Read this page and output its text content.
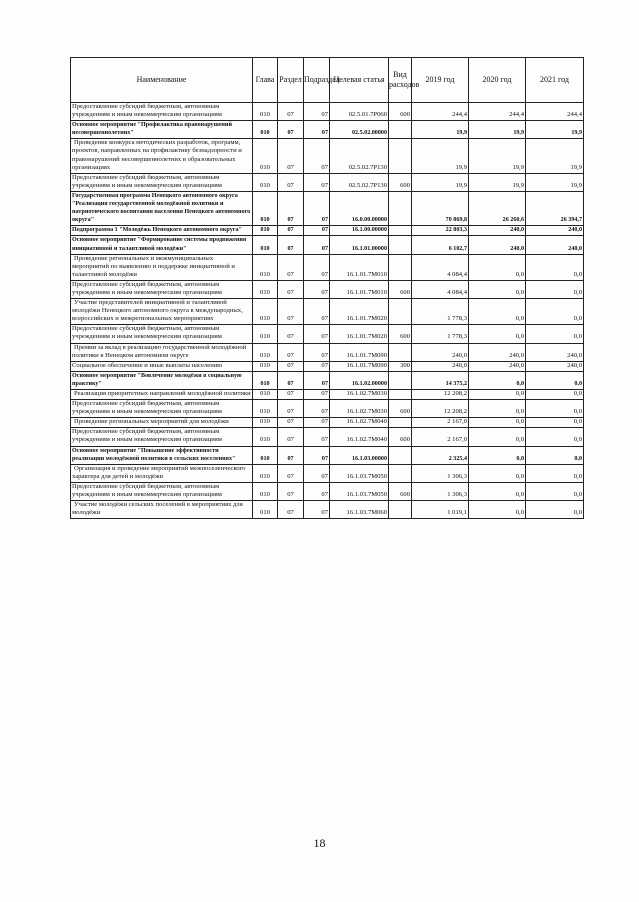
Наименование	Глава	Раздел	Подраздел	Целевая статья	Вид расходов	2019 год	2020 год	2021 год
Предоставление субсидий бюджетным, автономным учреждениям и иным некоммерческим организациям	010	07	07	02.5.01.7Р060	600	244,4	244,4	244,4
Основное мероприятие "Профилактика правонарушений несовершеннолетних"	010	07	07	02.5.02.00000		19,9	19,9	19,9
Проведение конкурса методических разработок, программ, проектов, направленных на профилактику безнадзорности и правонарушений несовершеннолетних в образовательных организациях	010	07	07	02.5.02.7Р130		19,9	19,9	19,9
Предоставление субсидий бюджетным, автономным учреждениям и иным некоммерческим организациям	010	07	07	02.5.02.7Р130	600	19,9	19,9	19,9
Государственная программа Ненецкого автономного округа "Реализация государственной молодёжной политики и патриотического воспитания населения Ненецкого автономного округа"	010	07	07	16.0.00.00000		70 869,8	26 260,6	26 394,7
Подпрограмма 1 "Молодёжь Ненецкого автономного округа"	010	07	07	16.1.00.00000		22 803,3	240,0	240,0
Основное мероприятие "Формирование системы продвижения инициативной и талантливой молодёжи"	010	07	07	16.1.01.00000		6 102,7	240,0	240,0
Проведение региональных и межмуниципальных мероприятий по выявлению и поддержке инициативной и талантливой молодёжи	010	07	07	16.1.01.7М010		4 084,4	0,0	0,0
Предоставление субсидий бюджетным, автономным учреждениям и иным некоммерческим организациям	010	07	07	16.1.01.7М010	600	4 084,4	0,0	0,0
Участие представителей инициативной и талантливой молодёжи Ненецкого автономного округа в международных, всероссийских и межрегиональных мероприятиях	010	07	07	16.1.01.7М020		1 778,3	0,0	0,0
Предоставление субсидий бюджетным, автономным учреждениям и иным некоммерческим организациям	010	07	07	16.1.01.7М020	600	1 778,3	0,0	0,0
Премии за вклад в реализацию государственной молодёжной политики в Ненецком автономном округе	010	07	07	16.1.01.7М090		240,0	240,0	240,0
Социальное обеспечение и иные выплаты населению	010	07	07	16.1.01.7М090	300	240,0	240,0	240,0
Основное мероприятие "Вовлечение молодёжи в социальную практику"	010	07	07	16.1.02.00000		14 375,2	0,0	0,0
Реализация приоритетных направлений молодёжной политики	010	07	07	16.1.02.7М030		12 208,2	0,0	0,0
Предоставление субсидий бюджетным, автономным учреждениям и иным некоммерческим организациям	010	07	07	16.1.02.7М030	600	12 208,2	0,0	0,0
Проведение региональных мероприятий для молодёжи	010	07	07	16.1.02.7М040		2 167,0	0,0	0,0
Предоставление субсидий бюджетным, автономным учреждениям и иным некоммерческим организациям	010	07	07	16.1.02.7М040	600	2 167,0	0,0	0,0
Основное мероприятие "Повышение эффективности реализации молодёжной политики в сельских поселениях"	010	07	07	16.1.03.00000		2 325,4	0,0	0,0
Организация и проведение мероприятий межпоселенческого характера для детей и молодёжи	010	07	07	16.1.03.7М050		1 306,3	0,0	0,0
Предоставление субсидий бюджетным, автономным учреждениям и иным некоммерческим организациям	010	07	07	16.1.03.7М050	600	1 306,3	0,0	0,0
Участие молодёжи сельских поселений в мероприятиях для молодёжи	010	07	07	16.1.03.7М060		1 019,1	0,0	0,0
18
